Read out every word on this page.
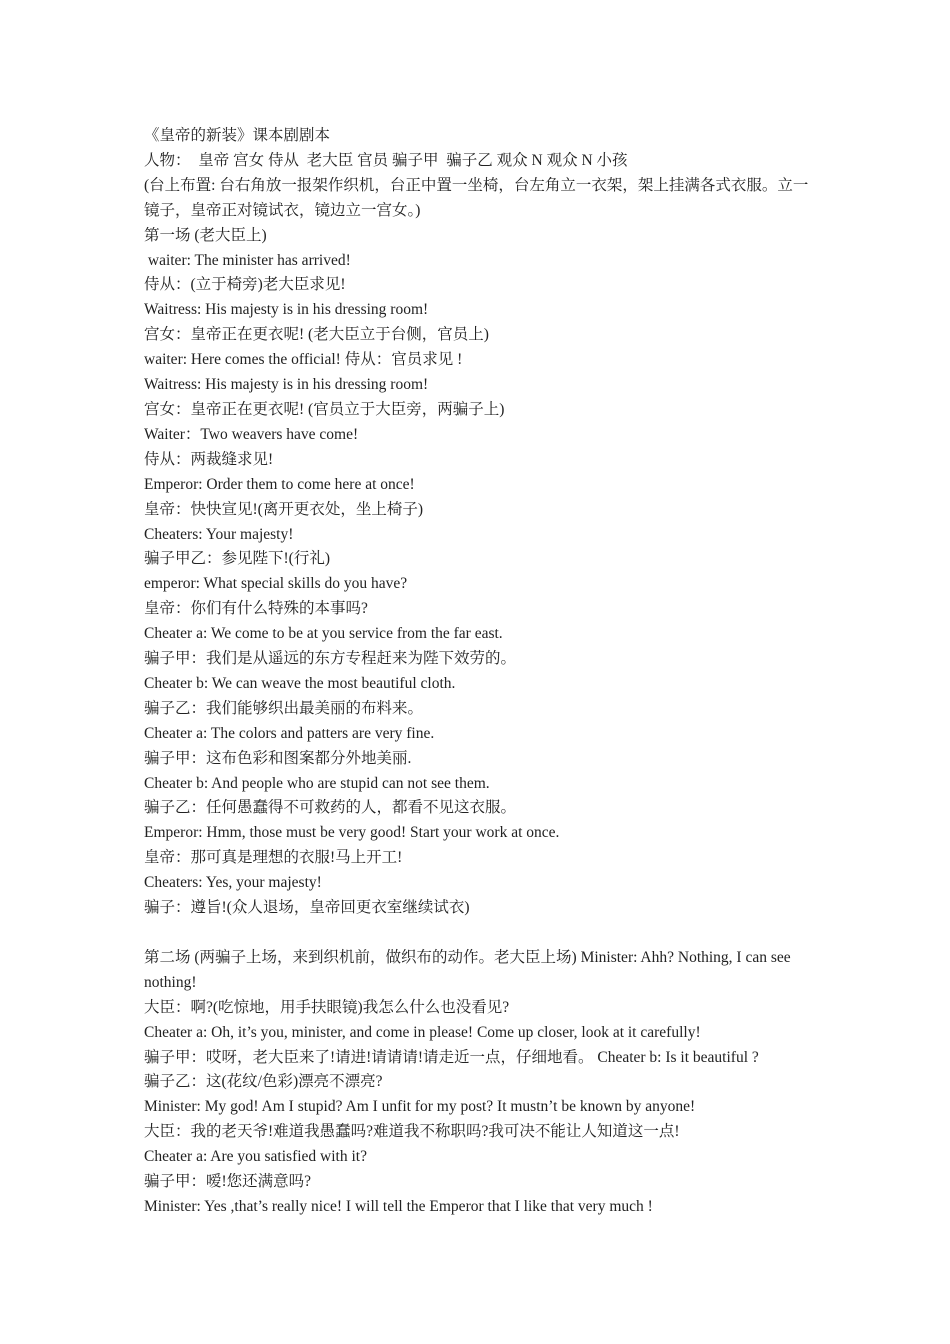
《皇帝的新装》课本剧剧本

人物：  皇帝 宫女 侍从  老大臣 官员 骗子甲  骗子乙 观众 N 观众 N 小孩

(台上布置: 台右角放一报架作织机，台正中置一坐椅，台左角立一衣架，架上挂满各式衣服。立一镜子，皇帝正对镜试衣，镜边立一宫女。)

第一场 (老大臣上)

waiter: The minister has arrived!

侍从：(立于椅旁)老大臣求见!

Waitress: His majesty is in his dressing room!

宫女：皇帝正在更衣呢! (老大臣立于台侧，官员上)

waiter: Here comes the official! 侍从：官员求见 !

Waitress: His majesty is in his dressing room!

宫女：皇帝正在更衣呢! (官员立于大臣旁，两骗子上)

Waiter：Two weavers have come!

侍从：两裁缝求见!

Emperor: Order them to come here at once!

皇帝：快快宣见!(离开更衣处，坐上椅子)

Cheaters: Your majesty!

骗子甲乙：参见陛下!(行礼)

emperor: What special skills do you have?

皇帝：你们有什么特殊的本事吗?

Cheater a: We come to be at you service from the far east.

骗子甲：我们是从遥远的东方专程赶来为陛下效劳的。

Cheater b: We can weave the most beautiful cloth.

骗子乙：我们能够织出最美丽的布料来。

Cheater a: The colors and patters are very fine.

骗子甲：这布色彩和图案都分外地美丽.

Cheater b: And people who are stupid can not see them.

骗子乙：任何愚蠢得不可救药的人，都看不见这衣服。

Emperor: Hmm, those must be very good! Start your work at once.

皇帝：那可真是理想的衣服!马上开工!

Cheaters: Yes, your majesty!

骗子：遵旨!(众人退场，皇帝回更衣室继续试衣)

第二场 (两骗子上场，来到织机前，做织布的动作。老大臣上场) Minister: Ahh? Nothing, I can see nothing!

大臣：啊?(吃惊地，用手扶眼镜)我怎么什么也没看见?

Cheater a: Oh, it’s you, minister, and come in please! Come up closer, look at it carefully!

骗子甲：哎呀，老大臣来了!请进!请请请!请走近一点，仔细地看。 Cheater b: Is it beautiful ?

骗子乙：这(花纹/色彩)漂亮不漂亮?

Minister: My god! Am I stupid? Am I unfit for my post? It mustn’t be known by anyone!

大臣：我的老天爷!难道我愚蠢吗?难道我不称职吗?我可决不能让人知道这一点!

Cheater a: Are you satisfied with it?

骗子甲：嗳!您还满意吗?

Minister: Yes ,that’s really nice! I will tell the Emperor that I like that very much !
